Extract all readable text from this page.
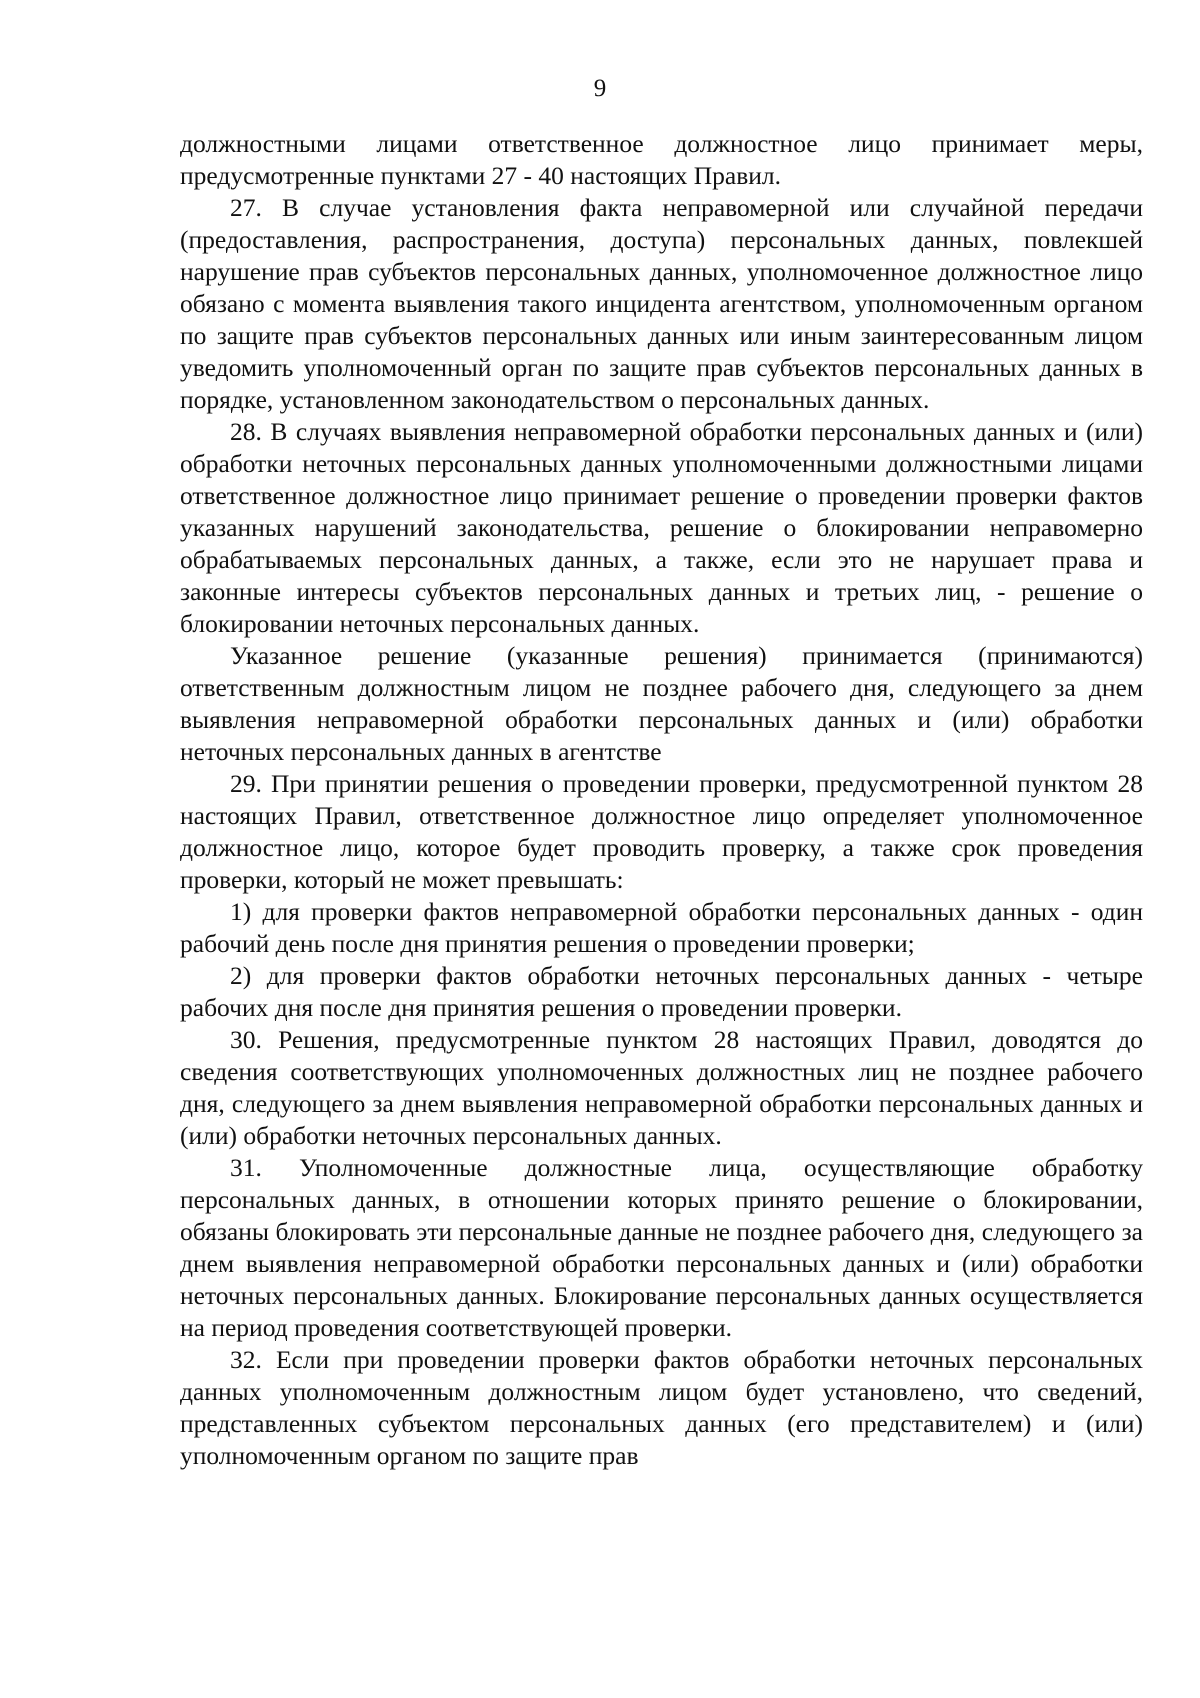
9

должностными лицами ответственное должностное лицо принимает меры, предусмотренные пунктами 27 - 40 настоящих Правил.

27. В случае установления факта неправомерной или случайной передачи (предоставления, распространения, доступа) персональных данных, повлекшей нарушение прав субъектов персональных данных, уполномоченное должностное лицо обязано с момента выявления такого инцидента агентством, уполномоченным органом по защите прав субъектов персональных данных или иным заинтересованным лицом уведомить уполномоченный орган по защите прав субъектов персональных данных в порядке, установленном законодательством о персональных данных.

28. В случаях выявления неправомерной обработки персональных данных и (или) обработки неточных персональных данных уполномоченными должностными лицами ответственное должностное лицо принимает решение о проведении проверки фактов указанных нарушений законодательства, решение о блокировании неправомерно обрабатываемых персональных данных, а также, если это не нарушает права и законные интересы субъектов персональных данных и третьих лиц, - решение о блокировании неточных персональных данных.

Указанное решение (указанные решения) принимается (принимаются) ответственным должностным лицом не позднее рабочего дня, следующего за днем выявления неправомерной обработки персональных данных и (или) обработки неточных персональных данных в агентстве

29. При принятии решения о проведении проверки, предусмотренной пунктом 28 настоящих Правил, ответственное должностное лицо определяет уполномоченное должностное лицо, которое будет проводить проверку, а также срок проведения проверки, который не может превышать:

1) для проверки фактов неправомерной обработки персональных данных - один рабочий день после дня принятия решения о проведении проверки;

2) для проверки фактов обработки неточных персональных данных - четыре рабочих дня после дня принятия решения о проведении проверки.

30. Решения, предусмотренные пунктом 28 настоящих Правил, доводятся до сведения соответствующих уполномоченных должностных лиц не позднее рабочего дня, следующего за днем выявления неправомерной обработки персональных данных и (или) обработки неточных персональных данных.

31. Уполномоченные должностные лица, осуществляющие обработку персональных данных, в отношении которых принято решение о блокировании, обязаны блокировать эти персональные данные не позднее рабочего дня, следующего за днем выявления неправомерной обработки персональных данных и (или) обработки неточных персональных данных. Блокирование персональных данных осуществляется на период проведения соответствующей проверки.

32. Если при проведении проверки фактов обработки неточных персональных данных уполномоченным должностным лицом будет установлено, что сведений, представленных субъектом персональных данных (его представителем) и (или) уполномоченным органом по защите прав
